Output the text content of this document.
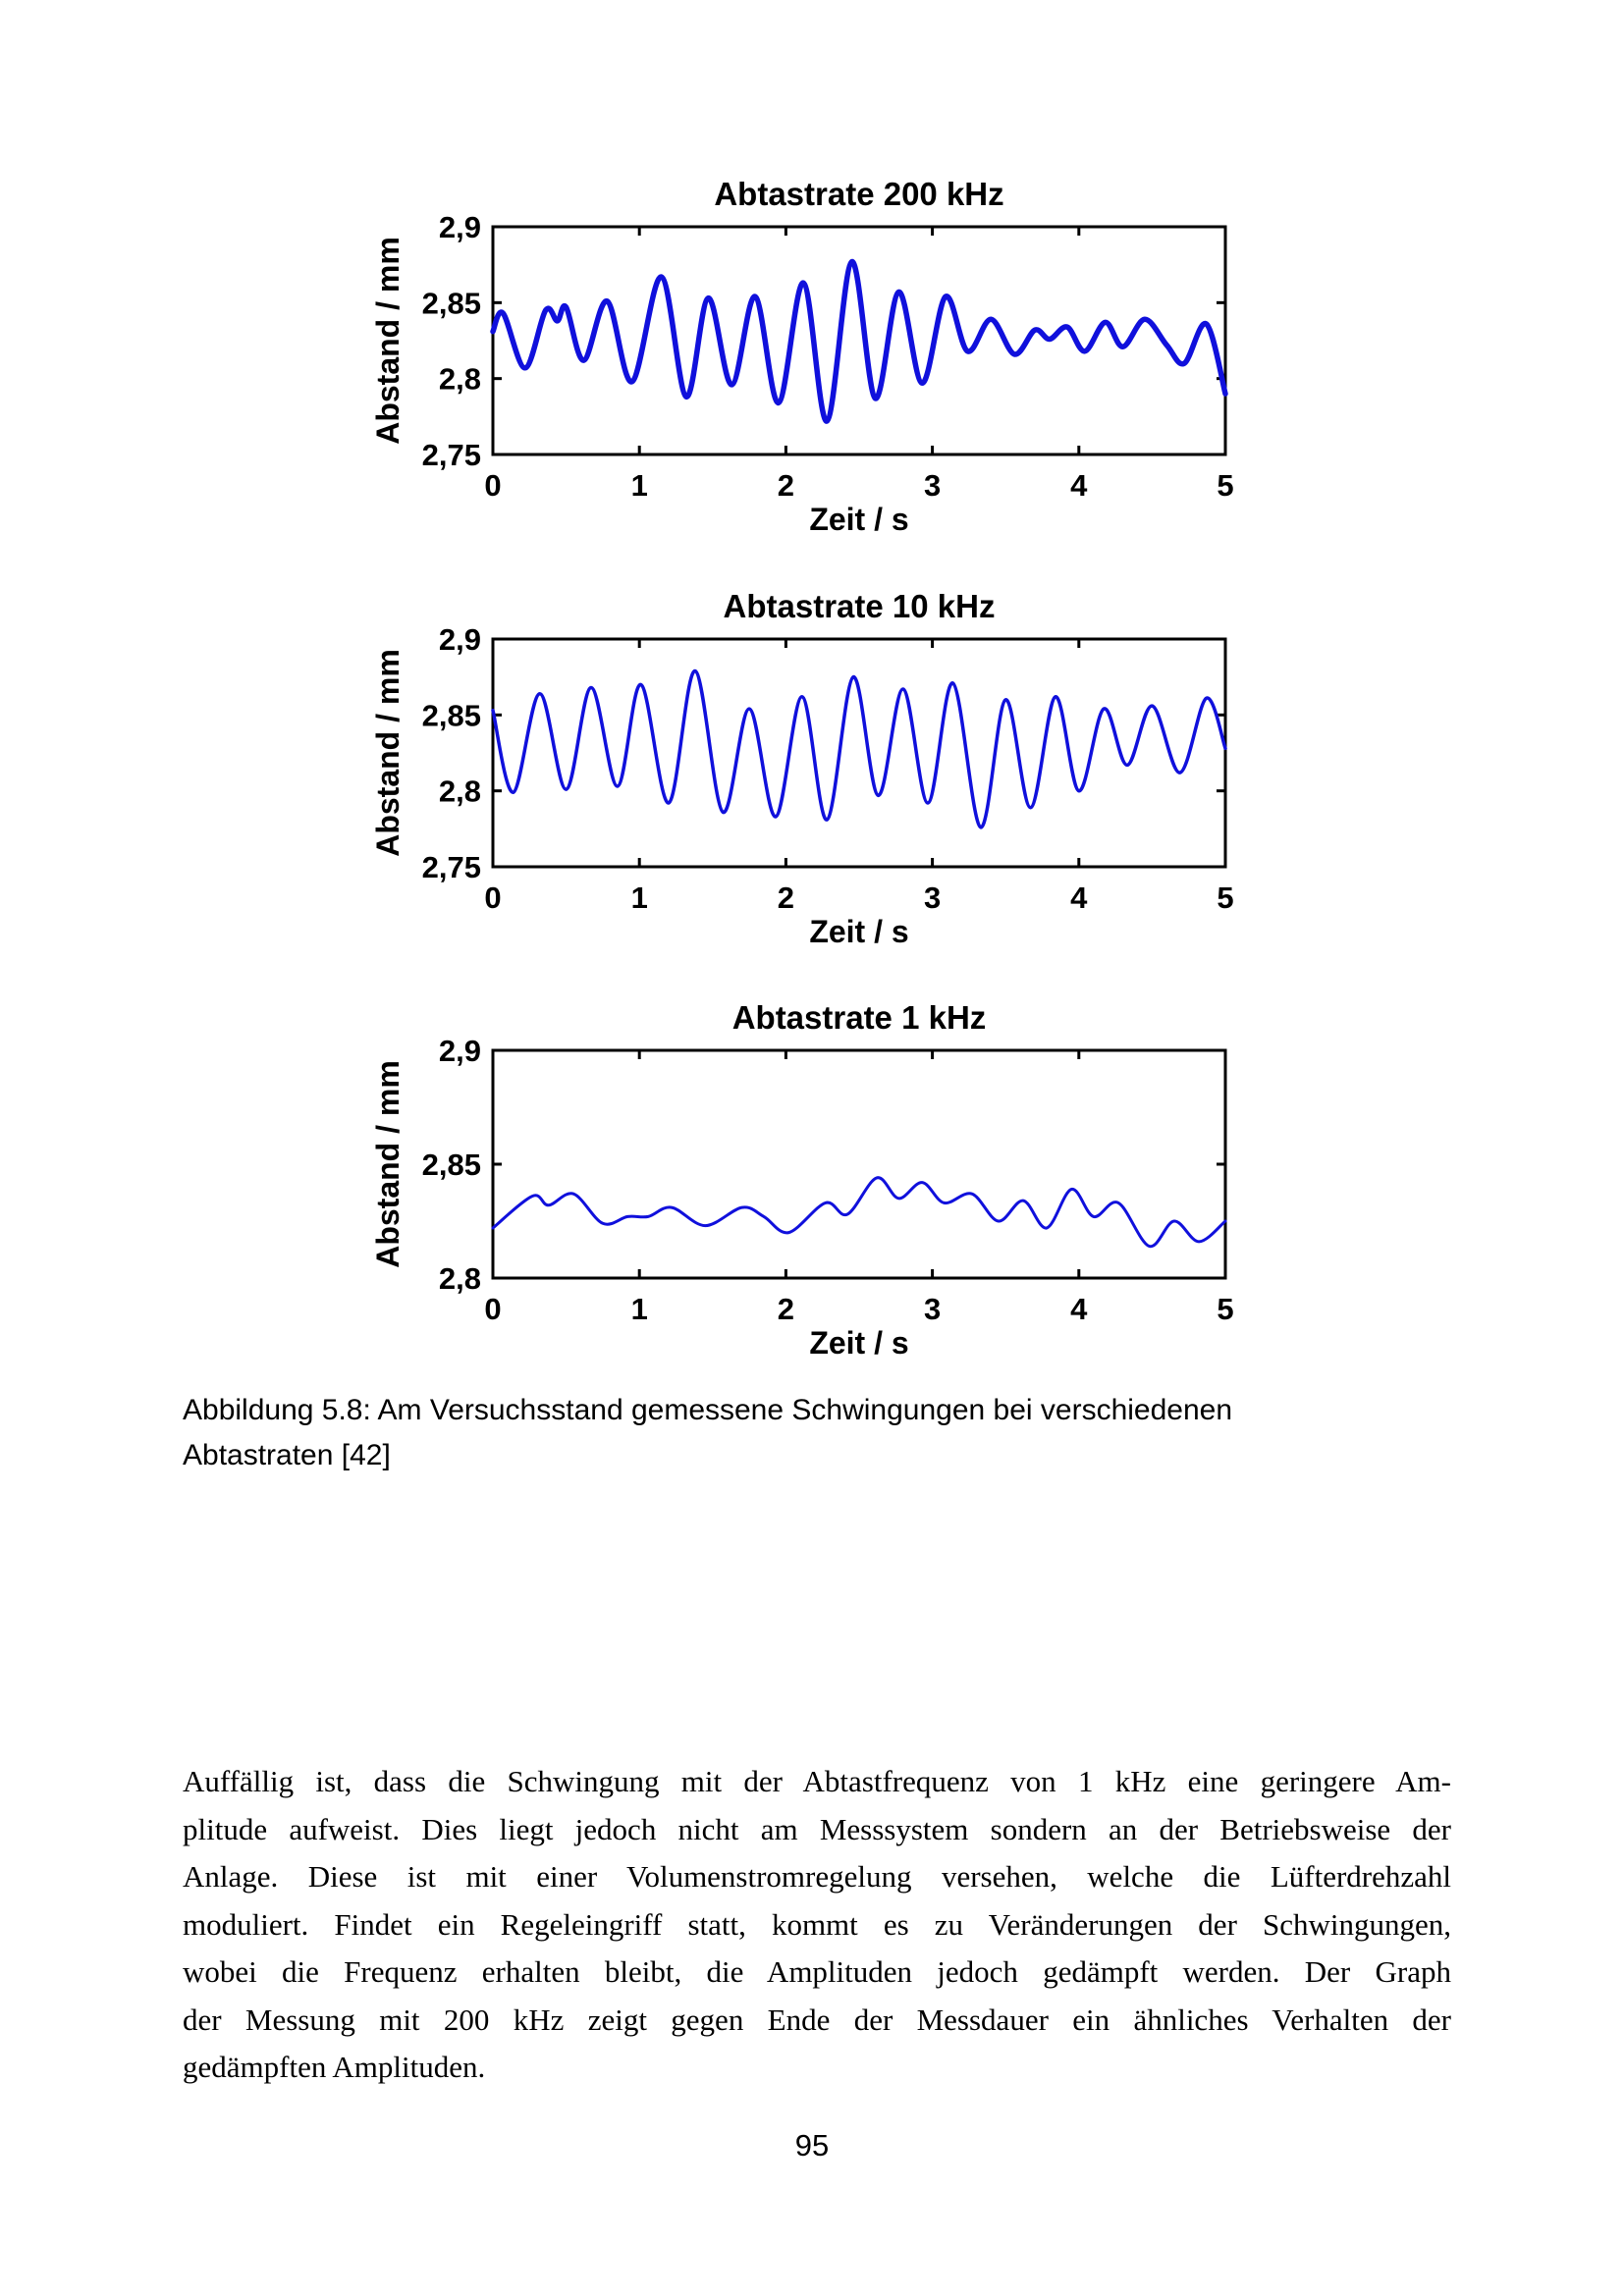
Abtastrate 200 kHz
Abstand / mm
Zeit / s
0	1	2	3	4	5
2,75
2,8
2,85
2,9
Abtastrate 10 kHz
Abstand / mm
Zeit / s
0	1	2	3	4	5
2,75
2,8
2,85
2,9
Abtastrate 1 kHz
Abstand / mm
Zeit / s
0	1	2	3	4	5
2,8
2,85
2,9
Abbildung 5.8: Am Versuchsstand gemessene Schwingungen bei verschiedenen
Abtastraten [42]
Auffällig ist, dass die Schwingung mit der Abtastfrequenz von 1 kHz eine geringere Am-
plitude aufweist. Dies liegt jedoch nicht am Messsystem sondern an der Betriebsweise der
Anlage. Diese ist mit einer Volumenstromregelung versehen, welche die Lüfterdrehzahl
moduliert. Findet ein Regeleingriff statt, kommt es zu Veränderungen der Schwingungen,
wobei die Frequenz erhalten bleibt, die Amplituden jedoch gedämpft werden. Der Graph
der Messung mit 200 kHz zeigt gegen Ende der Messdauer ein ähnliches Verhalten der
gedämpften Amplituden.
95
